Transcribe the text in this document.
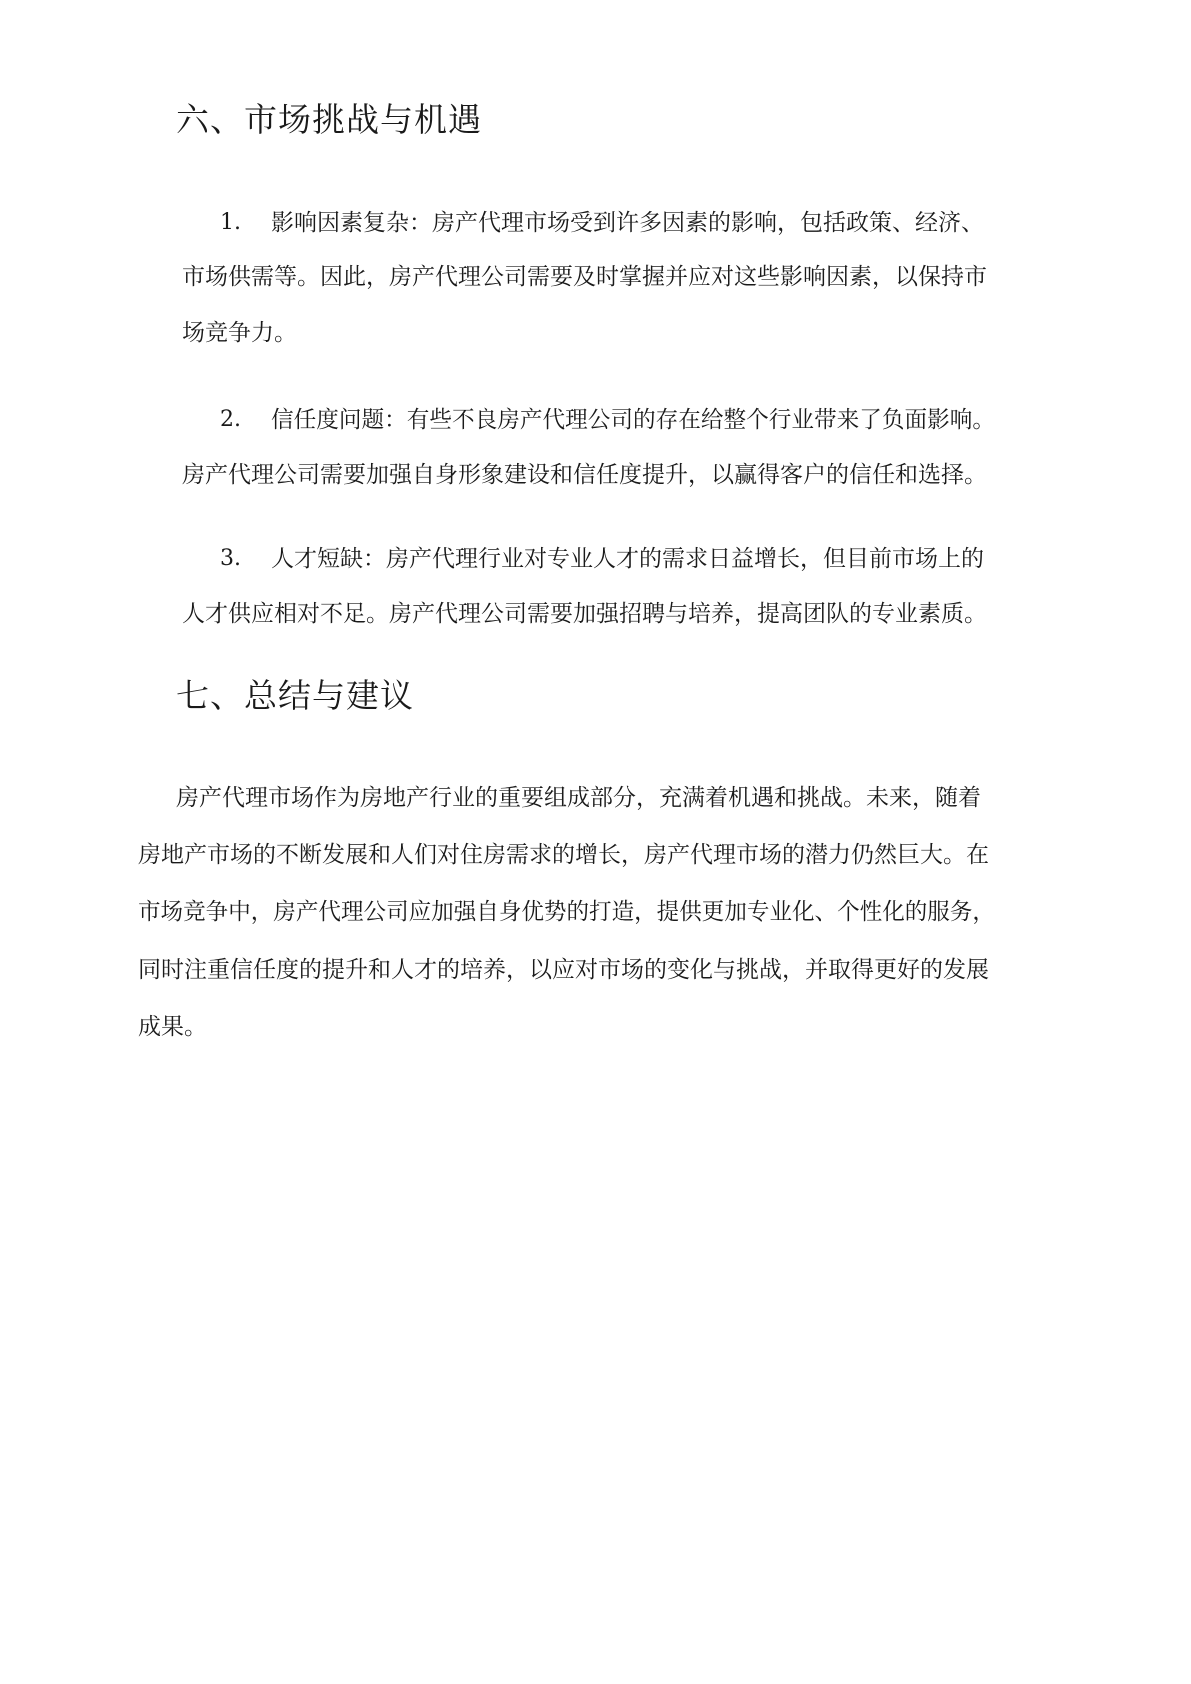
六、市场挑战与机遇
1. 影响因素复杂：房产代理市场受到许多因素的影响，包括政策、经济、
市场供需等。因此，房产代理公司需要及时掌握并应对这些影响因素，以保持市
场竞争力。
2. 信任度问题：有些不良房产代理公司的存在给整个行业带来了负面影响。
房产代理公司需要加强自身形象建设和信任度提升，以赢得客户的信任和选择。
3. 人才短缺：房产代理行业对专业人才的需求日益增长，但目前市场上的
人才供应相对不足。房产代理公司需要加强招聘与培养，提高团队的专业素质。
七、总结与建议
房产代理市场作为房地产行业的重要组成部分，充满着机遇和挑战。未来，随着
房地产市场的不断发展和人们对住房需求的增长，房产代理市场的潜力仍然巨大。在
市场竞争中，房产代理公司应加强自身优势的打造，提供更加专业化、个性化的服务，
同时注重信任度的提升和人才的培养，以应对市场的变化与挑战，并取得更好的发展
成果。
